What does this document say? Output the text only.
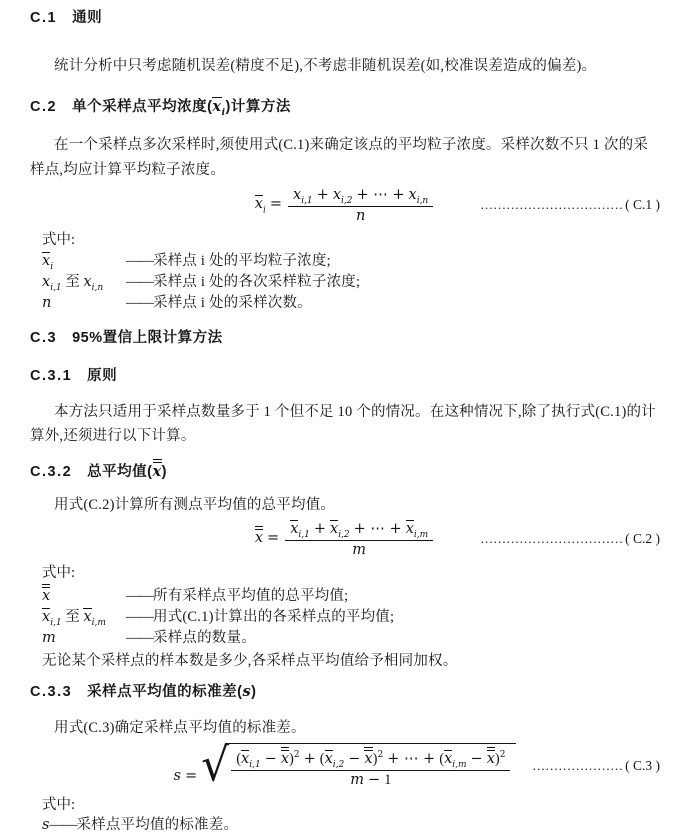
C.1 通则

统计分析中只考虑随机误差(精度不足),不考虑非随机误差(如,校准误差造成的偏差)。

C.2 单个采样点平均浓度$(x_i)$计算方法

在一个采样点多次采样时,须使用式(C.1)来确定该点的平均粒子浓度。采样次数不只 1 次的采样点,均应计算平均粒子浓度。

$x_i = \frac{x_{i,1} + x_{i,2} + \cdots + x_{i,n}}{n}$	…………………………… ( C.1 )
式中:
$x_i$	—— 采样点 i 处的平均粒子浓度;
$x_{i,1}$ 至 $x_{i,n}$	—— 采样点 i 处的各次采样粒子浓度;
n	—— 采样点 i 处的采样次数。
C.3 95%置信上限计算方法
C.3.1 原则

本方法只适用于采样点数量多于 1 个但不足 10 个的情况。在这种情况下,除了执行式(C.1)的计算外,还须进行以下计算。

C.3.2 总平均值(x)

用式(C.2)计算所有测点平均值的总平均值。

$x = \frac{x_{i,1} + x_{i,2} + \cdots + x_{i,m}}{m}$	…………………………… ( C.2 )
式中:
x	—— 所有采样点平均值的总平均值;
$x_{i,1}$ 至 $x_{i,m}$	—— 用式(C.1)计算出的各采样点的平均值;
m	—— 采样点的数量。
无论某个采样点的样本数是多少,各采样点平均值给予相同加权。
C.3.3 采样点平均值的标准差(s)

用式(C.3)确定采样点平均值的标准差。

s = √ $\frac{(x_{i,1} - x)^2 + (x_{i,2} - x)^2 + \cdots + (x_{i,m} - x)^2}{m - 1}$ ………………… ( C.3 )
式中:
s —— 采样点平均值的标准差。
